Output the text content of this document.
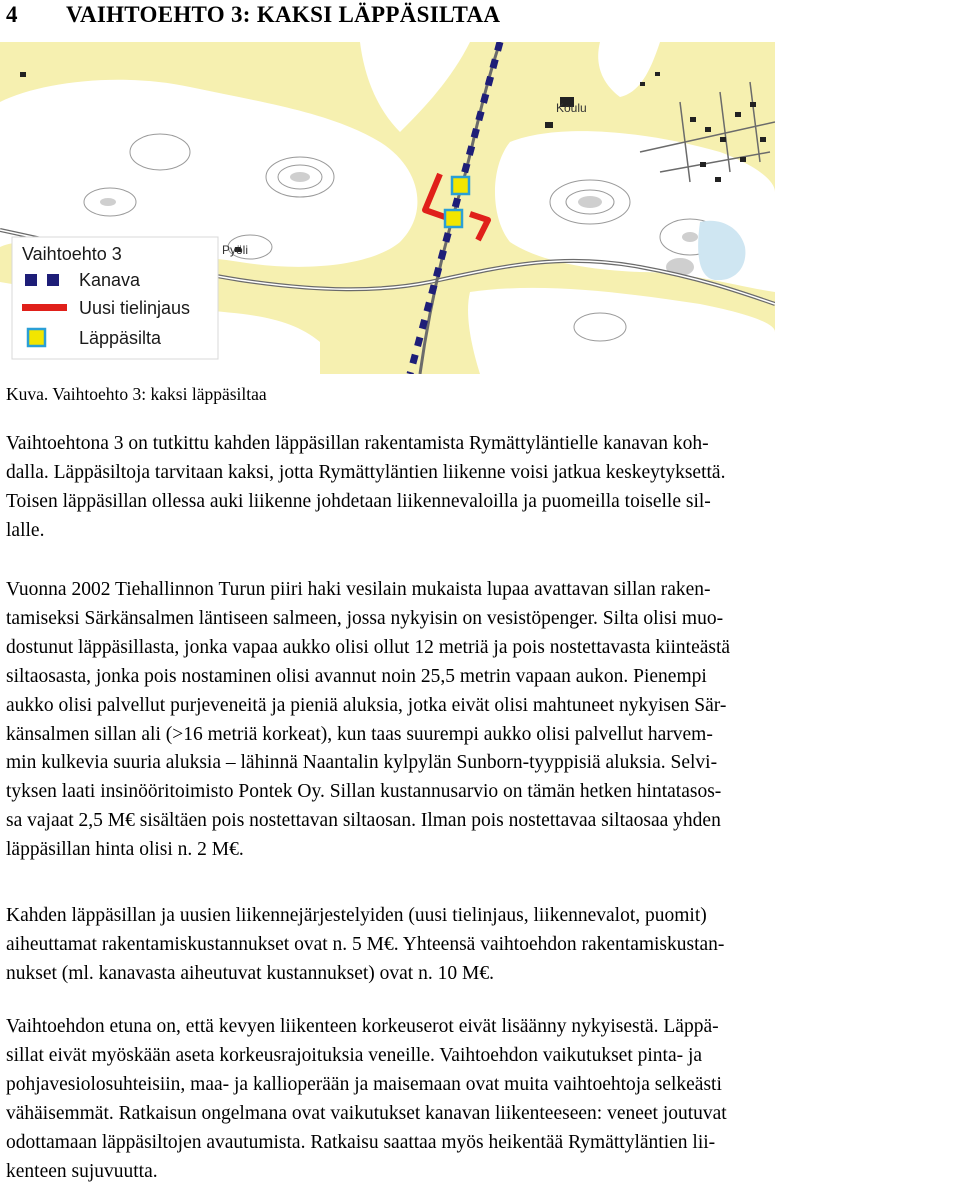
4 VAIHTOEHTO 3: KAKSI LÄPPÄSILTAA
Koulu
Pyöli
Vaihtoehto 3
Kanava
Uusi tielinjaus
Läppäsilta

Kuva. Vaihtoehto 3: kaksi läppäsiltaa

Vaihtoehtona 3 on tutkittu kahden läppäsillan rakentamista Rymättyläntielle kanavan koh-
dalla. Läppäsiltoja tarvitaan kaksi, jotta Rymättyläntien liikenne voisi jatkua keskeytyksettä.
Toisen läppäsillan ollessa auki liikenne johdetaan liikennevaloilla ja puomeilla toiselle sil-
lalle.
Vuonna 2002 Tiehallinnon Turun piiri haki vesilain mukaista lupaa avattavan sillan raken-
tamiseksi Särkänsalmen läntiseen salmeen, jossa nykyisin on vesistöpenger. Silta olisi muo-
dostunut läppäsillasta, jonka vapaa aukko olisi ollut 12 metriä ja pois nostettavasta kiinteästä
siltaosasta, jonka pois nostaminen olisi avannut noin 25,5 metrin vapaan aukon. Pienempi
aukko olisi palvellut purjeveneitä ja pieniä aluksia, jotka eivät olisi mahtuneet nykyisen Sär-
känsalmen sillan ali (>16 metriä korkeat), kun taas suurempi aukko olisi palvellut harvem-
min kulkevia suuria aluksia – lähinnä Naantalin kylpylän Sunborn-tyyppisiä aluksia. Selvi-
tyksen laati insinööritoimisto Pontek Oy. Sillan kustannusarvio on tämän hetken hintatasos-
sa vajaat 2,5 M€ sisältäen pois nostettavan siltaosan. Ilman pois nostettavaa siltaosaa yhden
läppäsillan hinta olisi n. 2 M€.
Kahden läppäsillan ja uusien liikennejärjestelyiden (uusi tielinjaus, liikennevalot, puomit)
aiheuttamat rakentamiskustannukset ovat n. 5 M€. Yhteensä vaihtoehdon rakentamiskustan-
nukset (ml. kanavasta aiheutuvat kustannukset) ovat n. 10 M€.
Vaihtoehdon etuna on, että kevyen liikenteen korkeuserot eivät lisäänny nykyisestä. Läppä-
sillat eivät myöskään aseta korkeusrajoituksia veneille. Vaihtoehdon vaikutukset pinta- ja
pohjavesiolosuhteisiin, maa- ja kallioperään ja maisemaan ovat muita vaihtoehtoja selkeästi
vähäisemmät. Ratkaisun ongelmana ovat vaikutukset kanavan liikenteeseen: veneet joutuvat
odottamaan läppäsiltojen avautumista. Ratkaisu saattaa myös heikentää Rymättyläntien lii-
kenteen sujuvuutta.
